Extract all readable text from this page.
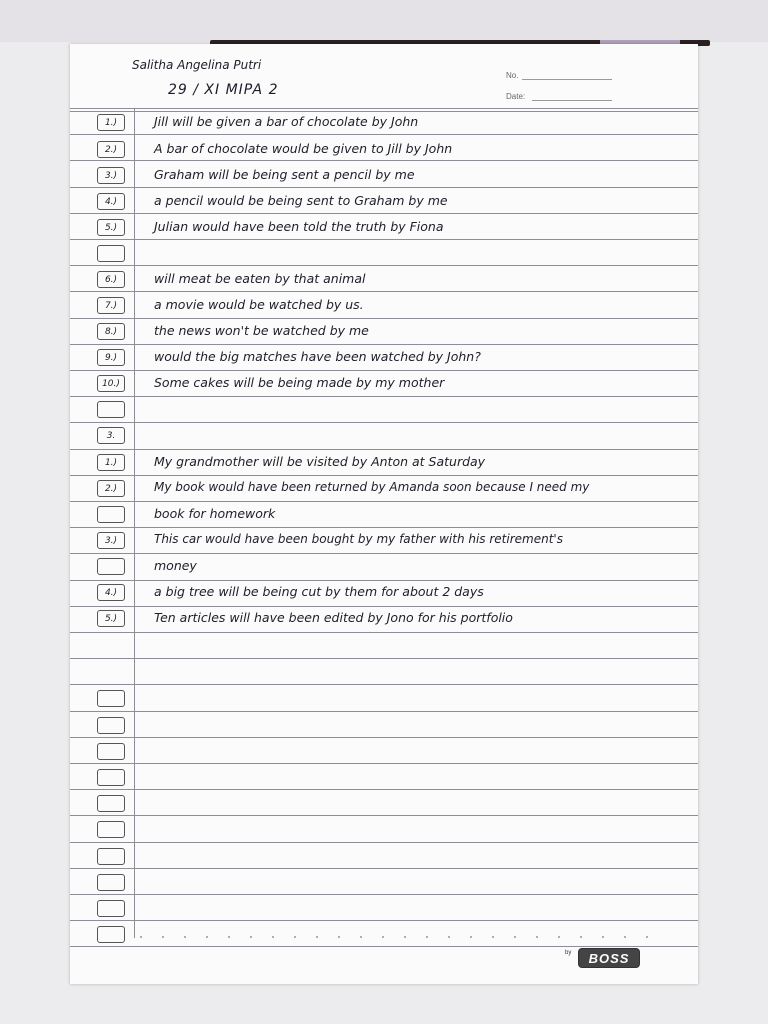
Salitha Angelina Putri
29 / XI MIPA 2
No.
Date:
1.)	Jill will be given a bar of chocolate by John
2.)	A bar of chocolate would be given to Jill by John
3.)	Graham will be being sent a pencil by me
4.)	a pencil would be being sent to Graham by me
5.)	Julian would have been told the truth by Fiona
6.)	will meat be eaten by that animal
7.)	a movie would be watched by us.
8.)	the news won't be watched by me
9.)	would the big matches have been watched by John?
10.)	Some cakes will be being made by my mother
3.
1.)	My grandmother will be visited by Anton at Saturday
2.)	My book would have been returned by Amanda soon because I need my
book for homework
3.)	This car would have been bought by my father with his retirement's
money
4.)	a big tree will be being cut by them for about 2 days
5.)	Ten articles will have been edited by Jono for his portfolio
by	BOSS
